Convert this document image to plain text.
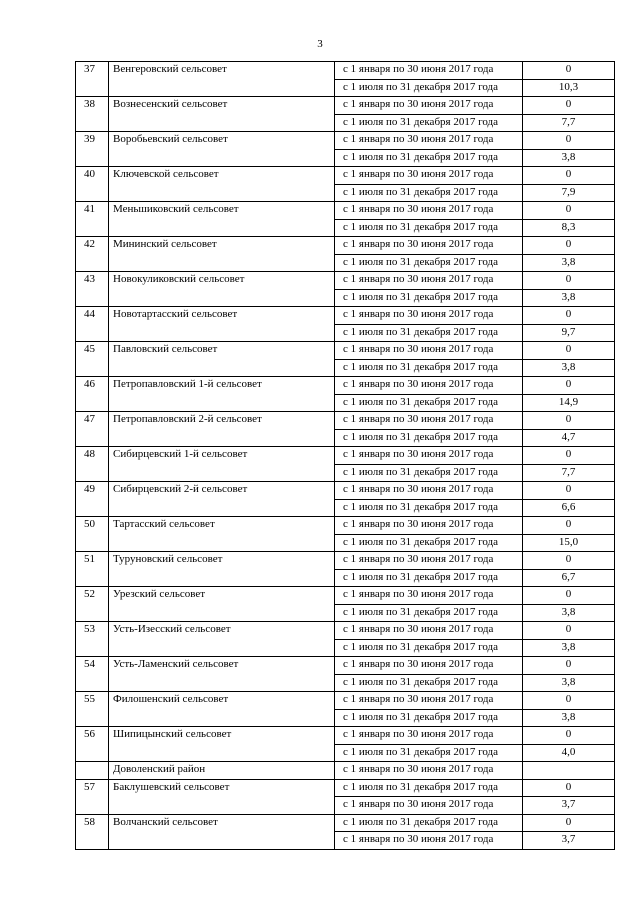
3
37	Венгеровский сельсовет	с 1 января по 30 июня 2017 года	0
		с 1 июля по 31 декабря 2017 года	10,3
38	Вознесенский сельсовет	с 1 января по 30 июня 2017 года	0
		с 1 июля по 31 декабря 2017 года	7,7
39	Воробьевский сельсовет	с 1 января по 30 июня 2017 года	0
		с 1 июля по 31 декабря 2017 года	3,8
40	Ключевской сельсовет	с 1 января по 30 июня 2017 года	0
		с 1 июля по 31 декабря 2017 года	7,9
41	Меньшиковский сельсовет	с 1 января по 30 июня 2017 года	0
		с 1 июля по 31 декабря 2017 года	8,3
42	Мининский сельсовет	с 1 января по 30 июня 2017 года	0
		с 1 июля по 31 декабря 2017 года	3,8
43	Новокуликовский сельсовет	с 1 января по 30 июня 2017 года	0
		с 1 июля по 31 декабря 2017 года	3,8
44	Новотартасский сельсовет	с 1 января по 30 июня 2017 года	0
		с 1 июля по 31 декабря 2017 года	9,7
45	Павловский сельсовет	с 1 января по 30 июня 2017 года	0
		с 1 июля по 31 декабря 2017 года	3,8
46	Петропавловский 1-й сельсовет	с 1 января по 30 июня 2017 года	0
		с 1 июля по 31 декабря 2017 года	14,9
47	Петропавловский 2-й сельсовет	с 1 января по 30 июня 2017 года	0
		с 1 июля по 31 декабря 2017 года	4,7
48	Сибирцевский 1-й сельсовет	с 1 января по 30 июня 2017 года	0
		с 1 июля по 31 декабря 2017 года	7,7
49	Сибирцевский 2-й сельсовет	с 1 января по 30 июня 2017 года	0
		с 1 июля по 31 декабря 2017 года	6,6
50	Тартасский сельсовет	с 1 января по 30 июня 2017 года	0
		с 1 июля по 31 декабря 2017 года	15,0
51	Туруновский сельсовет	с 1 января по 30 июня 2017 года	0
		с 1 июля по 31 декабря 2017 года	6,7
52	Урезский сельсовет	с 1 января по 30 июня 2017 года	0
		с 1 июля по 31 декабря 2017 года	3,8
53	Усть-Изесский сельсовет	с 1 января по 30 июня 2017 года	0
		с 1 июля по 31 декабря 2017 года	3,8
54	Усть-Ламенский сельсовет	с 1 января по 30 июня 2017 года	0
		с 1 июля по 31 декабря 2017 года	3,8
55	Филошенский сельсовет	с 1 января по 30 июня 2017 года	0
		с 1 июля по 31 декабря 2017 года	3,8
56	Шипицынский сельсовет	с 1 января по 30 июня 2017 года	0
		с 1 июля по 31 декабря 2017 года	4,0
	Доволенский район	с 1 января по 30 июня 2017 года	
57	Баклушевский сельсовет	с 1 июля по 31 декабря 2017 года	0
		с 1 января по 30 июня 2017 года	3,7
58	Волчанский сельсовет	с 1 июля по 31 декабря 2017 года	0
		с 1 января по 30 июня 2017 года	3,7
